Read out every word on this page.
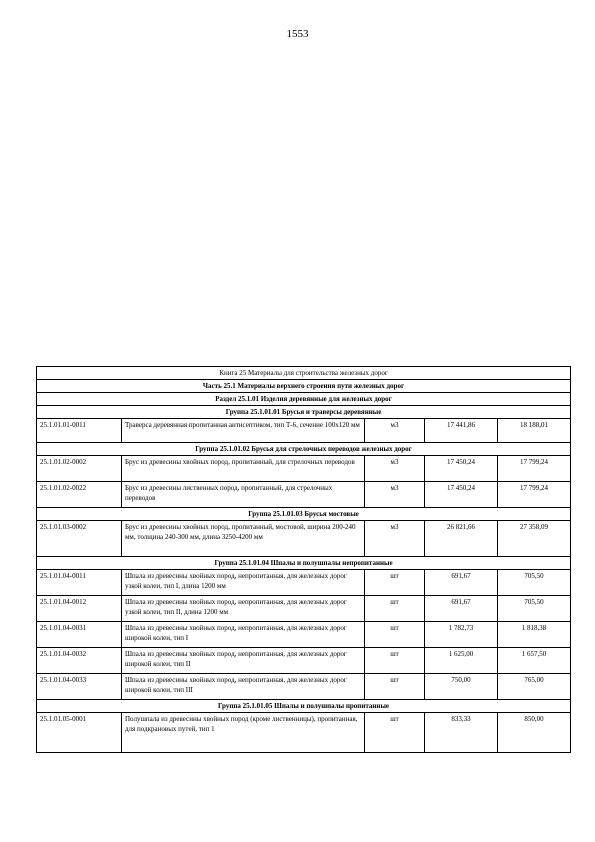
1553
Книга 25 Материалы для строительства железных дорог				
Часть 25.1 Материалы верхнего строения пути железных дорог				
Раздел 25.1.01 Изделия деревянные для железных дорог				
Группа 25.1.01.01 Брусья и тpaвepсы деревянные				
25.1.01.01-0011	Траверса деревянная пропитанная антисептиком, тип Т-6, сечение 100x120 мм	м3	17 441,86	18 188,01
Группа 25.1.01.02 Брусья для стрелочных переводов железных дорог				
25.1.01.02-0002	Брус из древесины хвойных пород, пропитанный, для стрелочных переводов	м3	17 450,24	17 799,24
25.1.01.02-0022	Брус из древесины лиственных пород, пропитанный, для стрелочных переводов	м3	17 450,24	17 799,24
Группа 25.1.01.03 Брусья мостовые				
25.1.01.03-0002	Брус из древесины хвойных пород, пропитанный, мостовой, ширина 200-240 мм, толщина 240-300 мм, длина 3250-4200 мм	м3	26 821,66	27 358,09
Группа 25.1.01.04 Шпалы и полушпалы непропитанные				
25.1.01.04-0011	Шпала из древесины хвойных пород, непропитанная, для железных дорог узкой колеи, тип I, длина 1200 мм	шт	691,67	705,50
25.1.01.04-0012	Шпала из древесины хвойных пород, непропитанная, для железных дорог узкой колеи, тип II, длина 1200 мм	шт	691,67	705,50
25.1.01.04-0031	Шпала из древесины хвойных пород, непропитанная, для железных дорог широкой колеи, тип I	шт	1 782,73	1 818,38
25.1.01.04-0032	Шпала из древесины хвойных пород, непропитанная, для железных дорог широкой колеи, тип II	шт	1 625,00	1 657,50
25.1.01.04-0033	Шпала из древесины хвойных пород, непропитанная, для железных дорог широкой колеи, тип III	шт	750,00	765,00
Группа 25.1.01.05 Шпалы и полушпалы пропитанные				
25.1.01.05-0001	Полушпала из древесины хвойных пород (кроме лиственницы), пропитанная, для подкрановых путей, тип 1	шт	833,33	850,00
